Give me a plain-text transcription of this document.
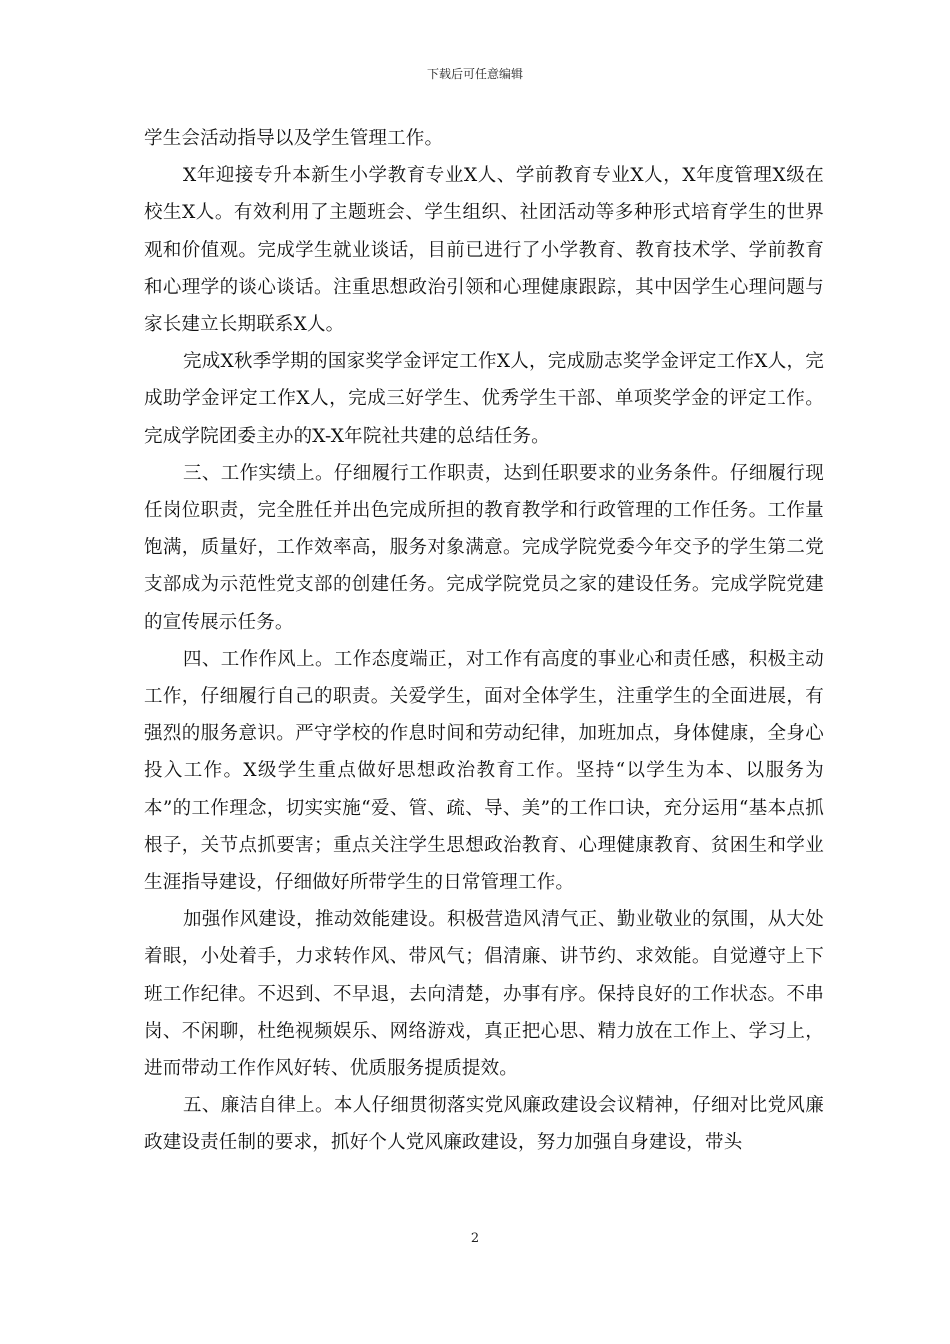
下载后可任意编辑

学生会活动指导以及学生管理工作。

X年迎接专升本新生小学教育专业X人、学前教育专业X人，X年度管理X级在校生X人。有效利用了主题班会、学生组织、社团活动等多种形式培育学生的世界观和价值观。完成学生就业谈话，目前已进行了小学教育、教育技术学、学前教育和心理学的谈心谈话。注重思想政治引领和心理健康跟踪，其中因学生心理问题与家长建立长期联系X人。

完成X秋季学期的国家奖学金评定工作X人，完成励志奖学金评定工作X人，完成助学金评定工作X人，完成三好学生、优秀学生干部、单项奖学金的评定工作。完成学院团委主办的X-X年院社共建的总结任务。

三、工作实绩上。仔细履行工作职责，达到任职要求的业务条件。仔细履行现任岗位职责，完全胜任并出色完成所担的教育教学和行政管理的工作任务。工作量饱满，质量好，工作效率高，服务对象满意。完成学院党委今年交予的学生第二党支部成为示范性党支部的创建任务。完成学院党员之家的建设任务。完成学院党建的宣传展示任务。

四、工作作风上。工作态度端正，对工作有高度的事业心和责任感，积极主动工作，仔细履行自己的职责。关爱学生，面对全体学生，注重学生的全面进展，有强烈的服务意识。严守学校的作息时间和劳动纪律，加班加点，身体健康，全身心投入工作。X级学生重点做好思想政治教育工作。坚持“以学生为本、以服务为本”的工作理念，切实实施“爱、管、疏、导、美”的工作口诀，充分运用“基本点抓根子，关节点抓要害；重点关注学生思想政治教育、心理健康教育、贫困生和学业生涯指导建设，仔细做好所带学生的日常管理工作。

加强作风建设，推动效能建设。积极营造风清气正、勤业敬业的氛围，从大处着眼，小处着手，力求转作风、带风气；倡清廉、讲节约、求效能。自觉遵守上下班工作纪律。不迟到、不早退，去向清楚，办事有序。保持良好的工作状态。不串岗、不闲聊，杜绝视频娱乐、网络游戏，真正把心思、精力放在工作上、学习上，进而带动工作作风好转、优质服务提质提效。

五、廉洁自律上。本人仔细贯彻落实党风廉政建设会议精神，仔细对比党风廉政建设责任制的要求，抓好个人党风廉政建设，努力加强自身建设，带头

2
